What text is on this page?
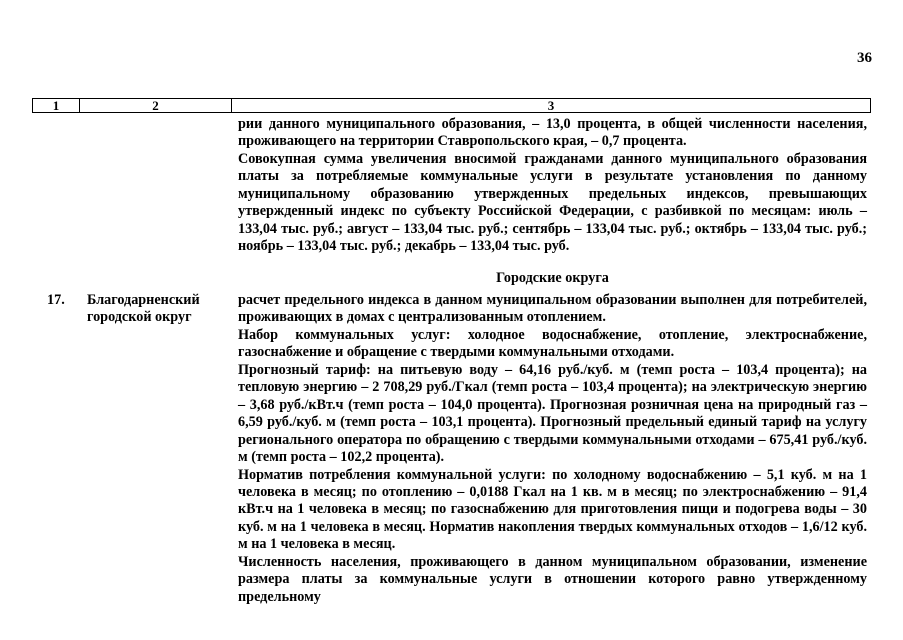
36
1	2	3

рии данного муниципального образования, – 13,0 процента, в общей численности населения, проживающего на территории Ставропольского края, – 0,7 процента.

Совокупная сумма увеличения вносимой гражданами данного муниципального образования платы за потребляемые коммунальные услуги в результате установления по данному муниципальному образованию утвержденных предельных индексов, превышающих утвержденный индекс по субъекту Российской Федерации, с разбивкой по месяцам: июль – 133,04 тыс. руб.; август – 133,04 тыс. руб.; сентябрь – 133,04 тыс. руб.; октябрь – 133,04 тыс. руб.; ноябрь – 133,04 тыс. руб.; декабрь – 133,04 тыс. руб.

Городские округа
17. Благодарненский городской округ

расчет предельного индекса в данном муниципальном образовании выполнен для потребителей, проживающих в домах с централизованным отоплением.

Набор коммунальных услуг: холодное водоснабжение, отопление, электроснабжение, газоснабжение и обращение с твердыми коммунальными отходами.

Прогнозный тариф: на питьевую воду – 64,16 руб./куб. м (темп роста – 103,4 процента); на тепловую энергию – 2 708,29 руб./Гкал (темп роста – 103,4 процента); на электрическую энергию – 3,68 руб./кВт.ч (темп роста – 104,0 процента). Прогнозная розничная цена на природный газ – 6,59 руб./куб. м (темп роста – 103,1 процента). Прогнозный предельный единый тариф на услугу регионального оператора по обращению с твердыми коммунальными отходами – 675,41 руб./куб. м (темп роста – 102,2 процента).

Норматив потребления коммунальной услуги: по холодному водоснабжению – 5,1 куб. м на 1 человека в месяц; по отоплению – 0,0188 Гкал на 1 кв. м в месяц; по электроснабжению – 91,4 кВт.ч на 1 человека в месяц; по газоснабжению для приготовления пищи и подогрева воды – 30 куб. м на 1 человека в месяц. Норматив накопления твердых коммунальных отходов – 1,6/12 куб. м на 1 человека в месяц.

Численность населения, проживающего в данном муниципальном образовании, изменение размера платы за коммунальные услуги в отношении которого равно утвержденному предельному
